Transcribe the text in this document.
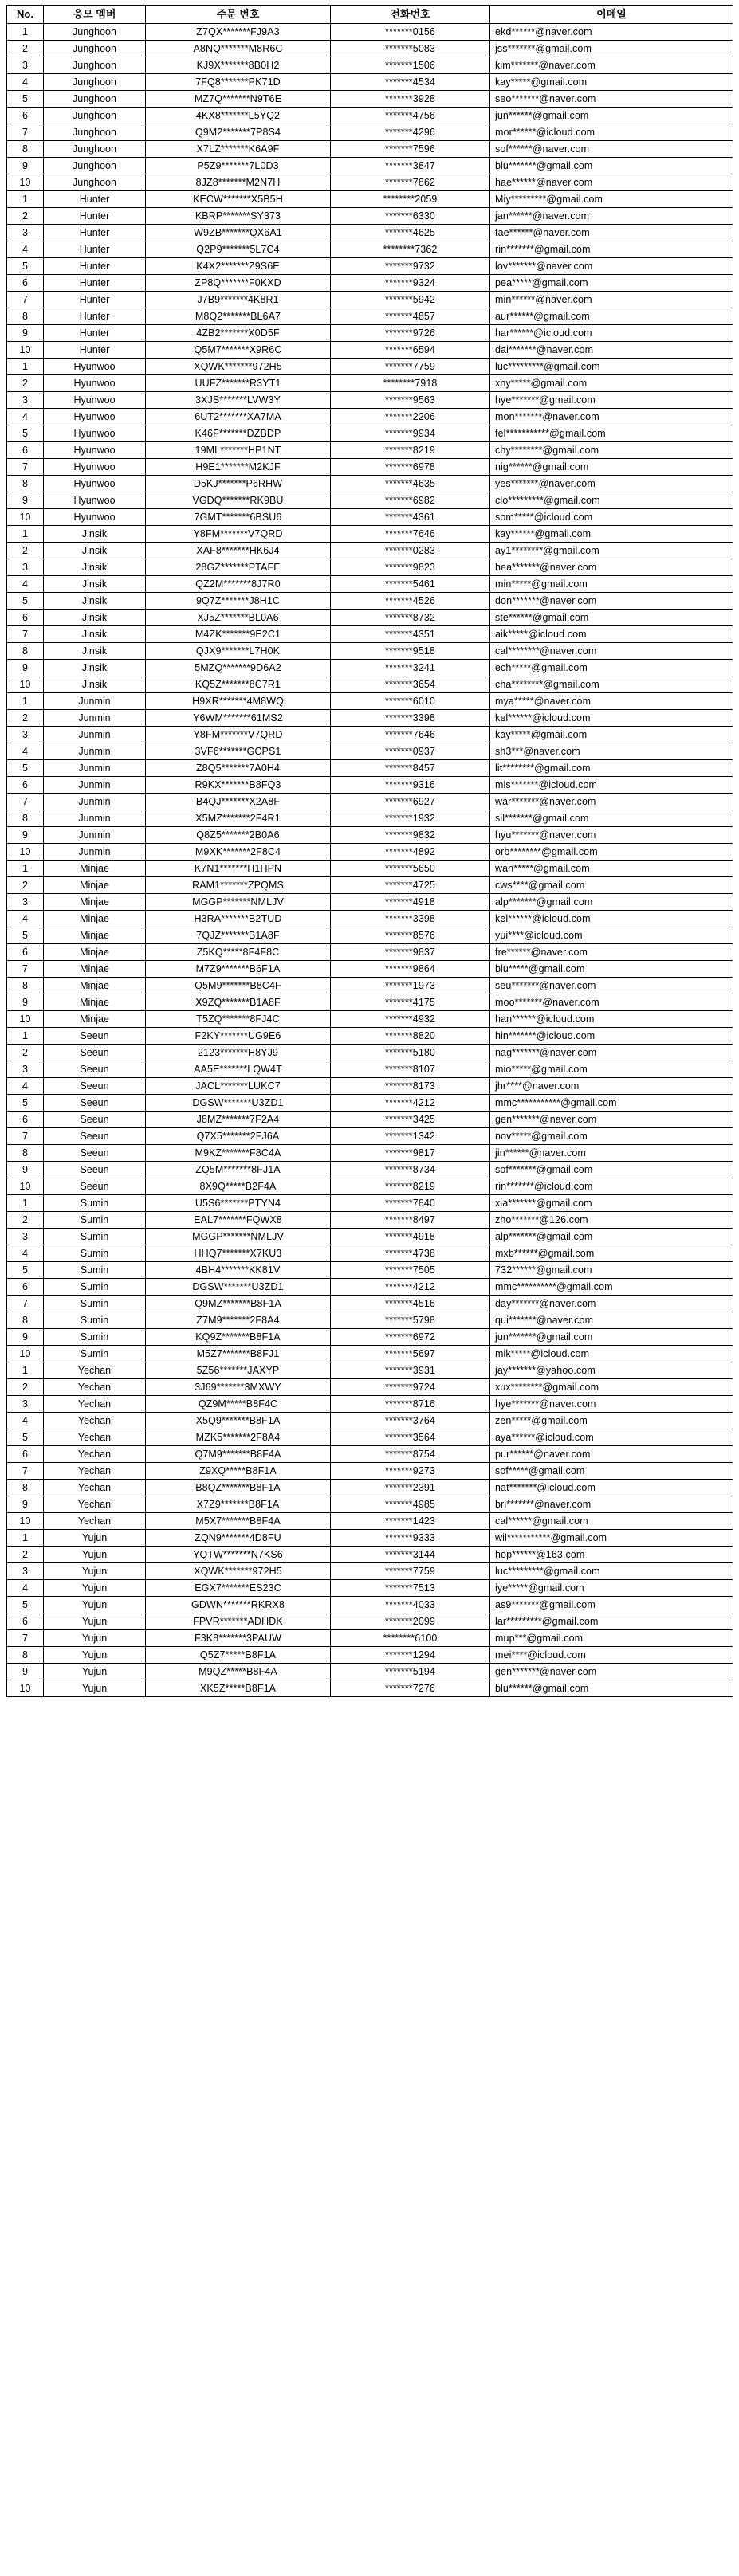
No.	응모 멤버	주문 번호	전화번호	이메일
1	Junghoon	Z7QX*******FJ9A3	*******0156	ekd******@naver.com
2	Junghoon	A8NQ*******M8R6C	*******5083	jss*******@gmail.com
3	Junghoon	KJ9X*******8B0H2	*******1506	kim*******@naver.com
4	Junghoon	7FQ8*******PK71D	*******4534	kay*****@gmail.com
5	Junghoon	MZ7Q*******N9T6E	*******3928	seo*******@naver.com
6	Junghoon	4KX8*******L5YQ2	*******4756	jun******@gmail.com
7	Junghoon	Q9M2*******7P8S4	*******4296	mor******@icloud.com
8	Junghoon	X7LZ*******K6A9F	*******7596	sof******@naver.com
9	Junghoon	P5Z9*******7L0D3	*******3847	blu*******@gmail.com
10	Junghoon	8JZ8*******M2N7H	*******7862	hae******@naver.com
1	Hunter	KECW*******X5B5H	********2059	Miy*********@gmail.com
2	Hunter	KBRP*******SY373	*******6330	jan******@naver.com
3	Hunter	W9ZB*******QX6A1	*******4625	tae******@naver.com
4	Hunter	Q2P9*******5L7C4	********7362	rin*******@gmail.com
5	Hunter	K4X2*******Z9S6E	*******9732	lov*******@naver.com
6	Hunter	ZP8Q*******F0KXD	*******9324	pea*****@gmail.com
7	Hunter	J7B9*******4K8R1	*******5942	min******@naver.com
8	Hunter	M8Q2*******BL6A7	*******4857	aur******@gmail.com
9	Hunter	4ZB2*******X0D5F	*******9726	har******@icloud.com
10	Hunter	Q5M7*******X9R6C	*******6594	dai*******@naver.com
1	Hyunwoo	XQWK*******972H5	*******7759	luc*********@gmail.com
2	Hyunwoo	UUFZ*******R3YT1	********7918	xny*****@gmail.com
3	Hyunwoo	3XJS*******LVW3Y	*******9563	hye*******@gmail.com
4	Hyunwoo	6UT2*******XA7MA	*******2206	mon*******@naver.com
5	Hyunwoo	K46F*******DZBDP	*******9934	fel***********@gmail.com
6	Hyunwoo	19ML*******HP1NT	*******8219	chy********@gmail.com
7	Hyunwoo	H9E1*******M2KJF	*******6978	nig******@gmail.com
8	Hyunwoo	D5KJ*******P6RHW	*******4635	yes*******@naver.com
9	Hyunwoo	VGDQ*******RK9BU	*******6982	clo*********@gmail.com
10	Hyunwoo	7GMT*******6BSU6	*******4361	som*****@icloud.com
1	Jinsik	Y8FM*******V7QRD	*******7646	kay******@gmail.com
2	Jinsik	XAF8*******HK6J4	*******0283	ay1********@gmail.com
3	Jinsik	28GZ*******PTAFE	*******9823	hea*******@naver.com
4	Jinsik	QZ2M*******8J7R0	*******5461	min*****@gmail.com
5	Jinsik	9Q7Z*******J8H1C	*******4526	don*******@naver.com
6	Jinsik	XJ5Z*******BL0A6	*******8732	ste******@gmail.com
7	Jinsik	M4ZK*******9E2C1	*******4351	aik*****@icloud.com
8	Jinsik	QJX9*******L7H0K	*******9518	cal********@naver.com
9	Jinsik	5MZQ*******9D6A2	*******3241	ech*****@gmail.com
10	Jinsik	KQ5Z*******8C7R1	*******3654	cha********@gmail.com
1	Junmin	H9XR*******4M8WQ	*******6010	mya*****@naver.com
2	Junmin	Y6WM*******61MS2	*******3398	kel******@icloud.com
3	Junmin	Y8FM*******V7QRD	*******7646	kay*****@gmail.com
4	Junmin	3VF6*******GCPS1	*******0937	sh3***@naver.com
5	Junmin	Z8Q5*******7A0H4	*******8457	lit********@gmail.com
6	Junmin	R9KX*******B8FQ3	*******9316	mis*******@icloud.com
7	Junmin	B4QJ*******X2A8F	*******6927	war*******@naver.com
8	Junmin	X5MZ*******2F4R1	*******1932	sil*******@gmail.com
9	Junmin	Q8Z5*******2B0A6	*******9832	hyu*******@naver.com
10	Junmin	M9XK*******2F8C4	*******4892	orb********@gmail.com
1	Minjae	K7N1*******H1HPN	*******5650	wan*****@gmail.com
2	Minjae	RAM1*******ZPQMS	*******4725	cws****@gmail.com
3	Minjae	MGGP*******NMLJV	*******4918	alp*******@gmail.com
4	Minjae	H3RA*******B2TUD	*******3398	kel******@icloud.com
5	Minjae	7QJZ*******B1A8F	*******8576	yui****@icloud.com
6	Minjae	Z5KQ*****8F4F8C	*******9837	fre******@naver.com
7	Minjae	M7Z9*******B6F1A	*******9864	blu*****@gmail.com
8	Minjae	Q5M9*******B8C4F	*******1973	seu*******@naver.com
9	Minjae	X9ZQ*******B1A8F	*******4175	moo*******@naver.com
10	Minjae	T5ZQ*******8FJ4C	*******4932	han******@icloud.com
1	Seeun	F2KY*******UG9E6	*******8820	hin*******@icloud.com
2	Seeun	2123*******H8YJ9	*******5180	nag*******@naver.com
3	Seeun	AA5E*******LQW4T	*******8107	mio*****@gmail.com
4	Seeun	JACL*******LUKC7	*******8173	jhr****@naver.com
5	Seeun	DGSW*******U3ZD1	*******4212	mmc***********@gmail.com
6	Seeun	J8MZ*******7F2A4	*******3425	gen*******@naver.com
7	Seeun	Q7X5*******2FJ6A	*******1342	nov*****@gmail.com
8	Seeun	M9KZ*******F8C4A	*******9817	jin******@naver.com
9	Seeun	ZQ5M*******8FJ1A	*******8734	sof*******@gmail.com
10	Seeun	8X9Q*****B2F4A	*******8219	rin*******@icloud.com
1	Sumin	U5S6*******PTYN4	*******7840	xia*******@gmail.com
2	Sumin	EAL7*******FQWX8	*******8497	zho*******@126.com
3	Sumin	MGGP*******NMLJV	*******4918	alp*******@gmail.com
4	Sumin	HHQ7*******X7KU3	*******4738	mxb******@gmail.com
5	Sumin	4BH4*******KK81V	*******7505	732******@gmail.com
6	Sumin	DGSW*******U3ZD1	*******4212	mmc**********@gmail.com
7	Sumin	Q9MZ*******B8F1A	*******4516	day*******@naver.com
8	Sumin	Z7M9*******2F8A4	*******5798	qui*******@naver.com
9	Sumin	KQ9Z*******B8F1A	*******6972	jun*******@gmail.com
10	Sumin	M5Z7*******B8FJ1	*******5697	mik*****@icloud.com
1	Yechan	5Z56*******JAXYP	*******3931	jay*******@yahoo.com
2	Yechan	3J69*******3MXWY	*******9724	xux********@gmail.com
3	Yechan	QZ9M*****B8F4C	*******8716	hye*******@naver.com
4	Yechan	X5Q9*******B8F1A	*******3764	zen*****@gmail.com
5	Yechan	MZK5*******2F8A4	*******3564	aya******@icloud.com
6	Yechan	Q7M9*******B8F4A	*******8754	pur******@naver.com
7	Yechan	Z9XQ*****B8F1A	*******9273	sof*****@gmail.com
8	Yechan	B8QZ*******B8F1A	*******2391	nat*******@icloud.com
9	Yechan	X7Z9*******B8F1A	*******4985	bri*******@naver.com
10	Yechan	M5X7*******B8F4A	*******1423	cal******@gmail.com
1	Yujun	ZQN9*******4D8FU	*******9333	wil***********@gmail.com
2	Yujun	YQTW*******N7KS6	*******3144	hop******@163.com
3	Yujun	XQWK*******972H5	*******7759	luc*********@gmail.com
4	Yujun	EGX7*******ES23C	*******7513	iye*****@gmail.com
5	Yujun	GDWN*******RKRX8	*******4033	as9*******@gmail.com
6	Yujun	FPVR*******ADHDK	*******2099	lar*********@gmail.com
7	Yujun	F3K8*******3PAUW	********6100	mup***@gmail.com
8	Yujun	Q5Z7*****B8F1A	*******1294	mei****@icloud.com
9	Yujun	M9QZ*****B8F4A	*******5194	gen*******@naver.com
10	Yujun	XK5Z*****B8F1A	*******7276	blu******@gmail.com
